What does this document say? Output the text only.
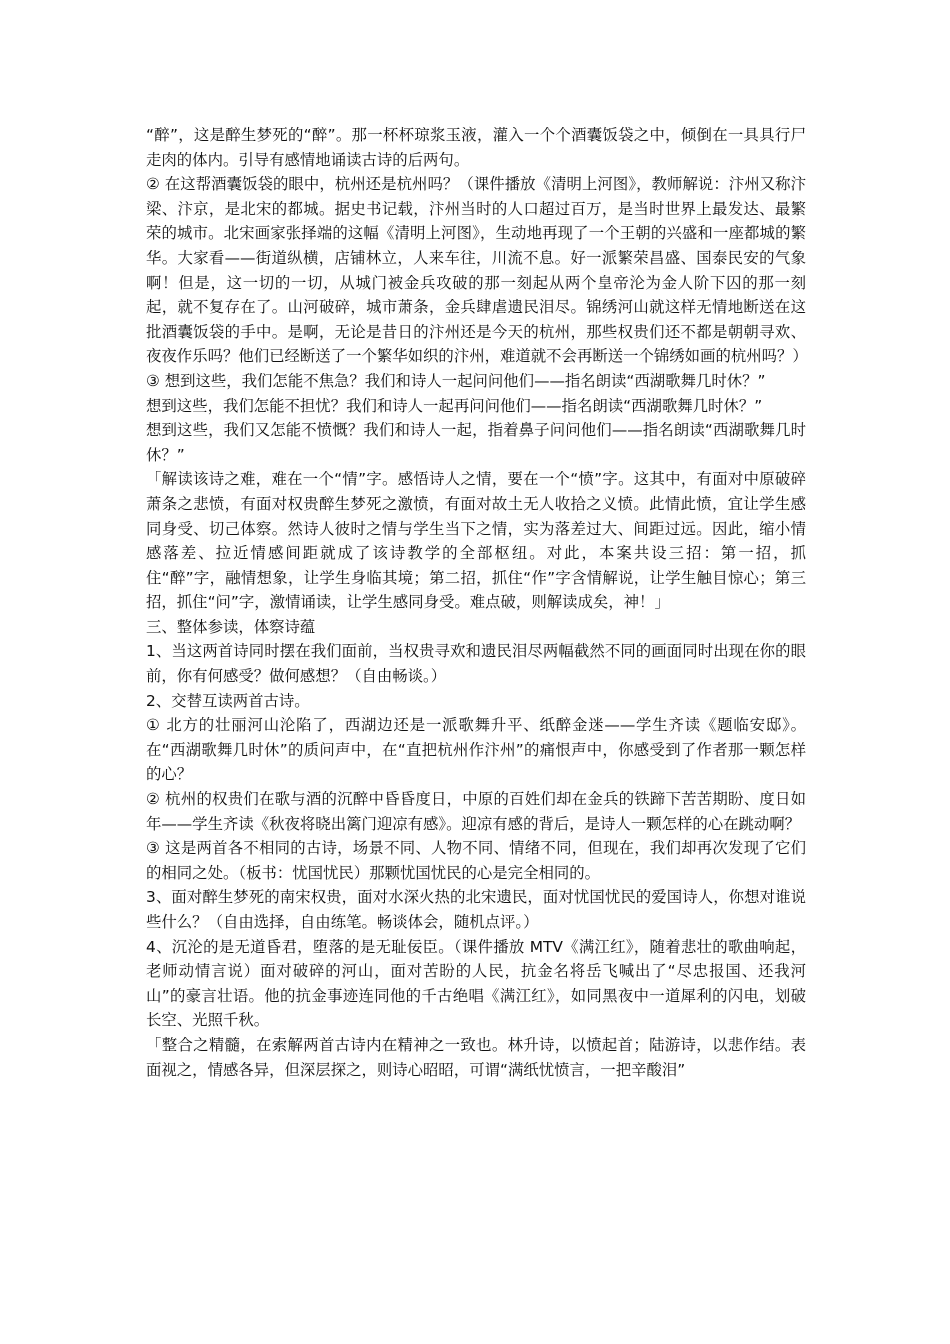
“醉”，这是醉生梦死的“醉”。那一杯杯琼浆玉液，灌入一个个酒囊饭袋之中，倾倒在一具具行尸走肉的体内。引导有感情地诵读古诗的后两句。

② 在这帮酒囊饭袋的眼中，杭州还是杭州吗？（课件播放《清明上河图》，教师解说：汴州又称汴梁、汴京，是北宋的都城。据史书记载，汴州当时的人口超过百万，是当时世界上最发达、最繁荣的城市。北宋画家张择端的这幅《清明上河图》，生动地再现了一个王朝的兴盛和一座都城的繁华。大家看——街道纵横，店铺林立，人来车往，川流不息。好一派繁荣昌盛、国泰民安的气象啊！但是，这一切的一切，从城门被金兵攻破的那一刻起从两个皇帝沦为金人阶下囚的那一刻起，就不复存在了。山河破碎，城市萧条，金兵肆虐遗民泪尽。锦绣河山就这样无情地断送在这批酒囊饭袋的手中。是啊，无论是昔日的汴州还是今天的杭州，那些权贵们还不都是朝朝寻欢、夜夜作乐吗？他们已经断送了一个繁华如织的汴州，难道就不会再断送一个锦绣如画的杭州吗？）

③ 想到这些，我们怎能不焦急？我们和诗人一起问问他们——指名朗读“西湖歌舞几时休？”

想到这些，我们怎能不担忧？我们和诗人一起再问问他们——指名朗读“西湖歌舞几时休？”

想到这些，我们又怎能不愤慨？我们和诗人一起，指着鼻子问问他们——指名朗读“西湖歌舞几时休？”

「解读该诗之难，难在一个“情”字。感悟诗人之情，要在一个“愤”字。这其中，有面对中原破碎萧条之悲愤，有面对权贵醉生梦死之激愤，有面对故土无人收拾之义愤。此情此愤，宜让学生感同身受、切己体察。然诗人彼时之情与学生当下之情，实为落差过大、间距过远。因此，缩小情感落差、拉近情感间距就成了该诗教学的全部枢纽。对此，本案共设三招：第一招，抓住“醉”字，融情想象，让学生身临其境；第二招，抓住“作”字含情解说，让学生触目惊心；第三招，抓住“问”字，激情诵读，让学生感同身受。难点破，则解读成矣，神！」

三、整体参读，体察诗蕴

1、当这两首诗同时摆在我们面前，当权贵寻欢和遗民泪尽两幅截然不同的画面同时出现在你的眼前，你有何感受？做何感想？（自由畅谈。）

2、交替互读两首古诗。

① 北方的壮丽河山沦陷了，西湖边还是一派歌舞升平、纸醉金迷——学生齐读《题临安邸》。在“西湖歌舞几时休”的质问声中，在“直把杭州作汴州”的痛恨声中，你感受到了作者那一颗怎样的心？

② 杭州的权贵们在歌与酒的沉醉中昏昏度日，中原的百姓们却在金兵的铁蹄下苦苦期盼、度日如年——学生齐读《秋夜将晓出篱门迎凉有感》。迎凉有感的背后，是诗人一颗怎样的心在跳动啊？

③ 这是两首各不相同的古诗，场景不同、人物不同、情绪不同，但现在，我们却再次发现了它们的相同之处。（板书：忧国忧民）那颗忧国忧民的心是完全相同的。

3、面对醉生梦死的南宋权贵，面对水深火热的北宋遗民，面对忧国忧民的爱国诗人，你想对谁说些什么？（自由选择，自由练笔。畅谈体会，随机点评。）

4、沉沦的是无道昏君，堕落的是无耻佞臣。（课件播放 MTV《满江红》，随着悲壮的歌曲响起，老师动情言说）面对破碎的河山，面对苦盼的人民，抗金名将岳飞喊出了“尽忠报国、还我河山”的豪言壮语。他的抗金事迹连同他的千古绝唱《满江红》，如同黑夜中一道犀利的闪电，划破长空、光照千秋。

「整合之精髓，在索解两首古诗内在精神之一致也。林升诗，以愤起首；陆游诗，以悲作结。表面视之，情感各异，但深层探之，则诗心昭昭，可谓“满纸忧愤言，一把辛酸泪”
